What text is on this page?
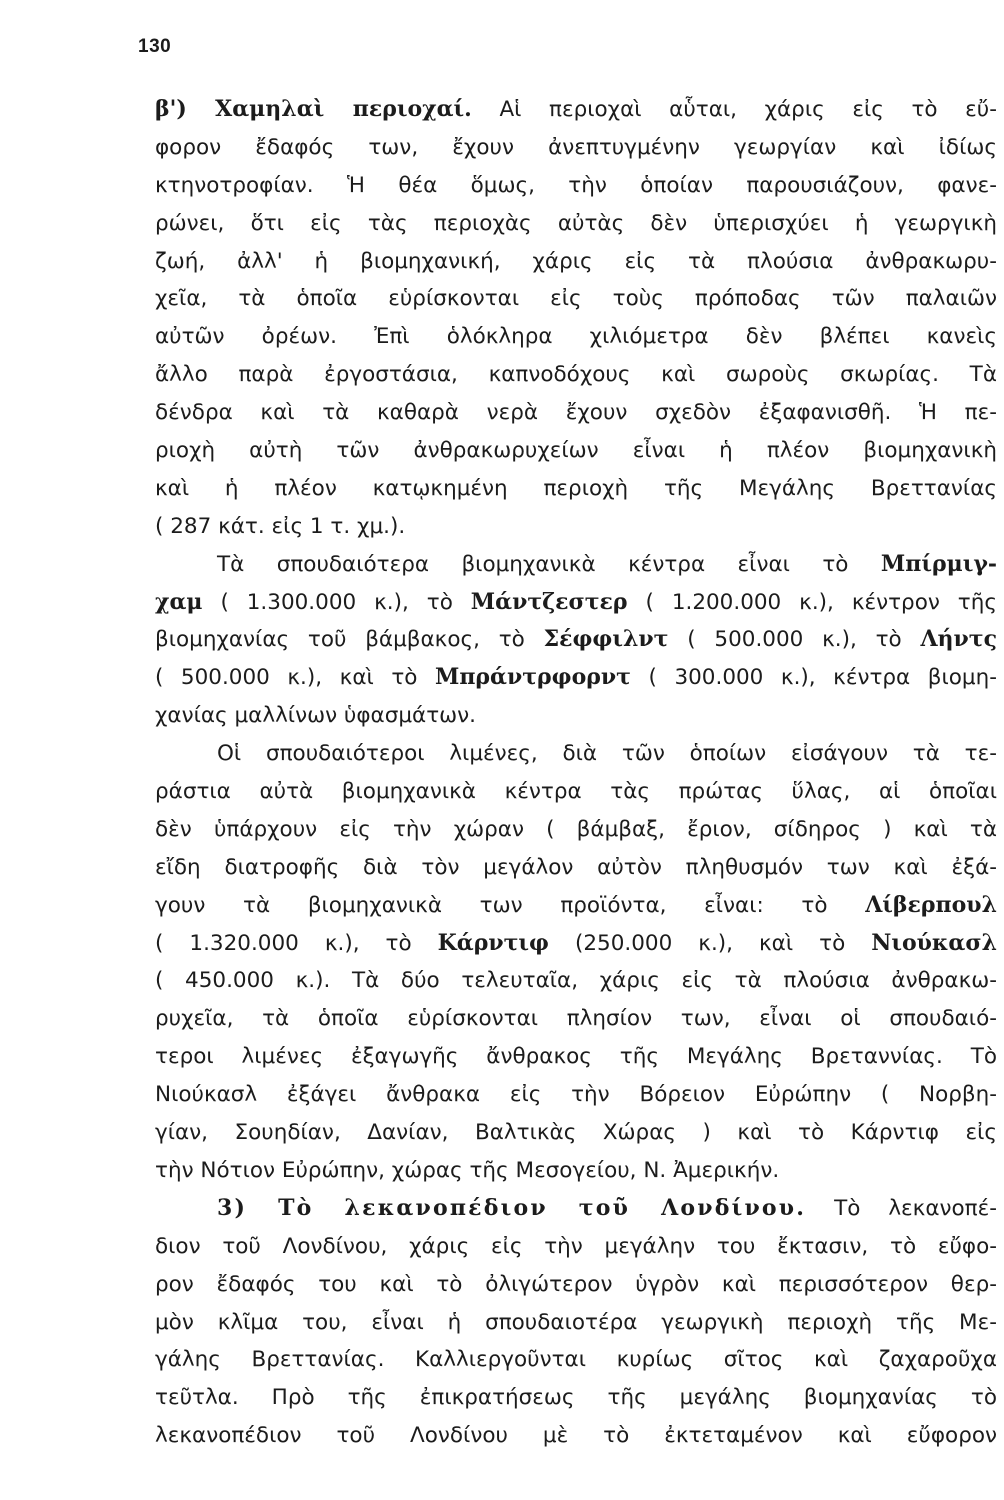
130
β') Χαμηλαὶ περιοχαί. Αἱ περιοχαὶ αὗται, χάρις εἰς τὸ εὔ-
φορον ἔδαφός των, ἔχουν ἀνεπτυγμένην γεωργίαν καὶ ἰδίως
κτηνοτροφίαν. Ἡ θέα ὅμως, τὴν ὁποίαν παρουσιάζουν, φανε-
ρώνει, ὅτι εἰς τὰς περιοχὰς αὐτὰς δὲν ὑπερισχύει ἡ γεωργικὴ
ζωή, ἀλλ' ἡ βιομηχανική, χάρις εἰς τὰ πλούσια ἀνθρακωρυ-
χεῖα, τὰ ὁποῖα εὑρίσκονται εἰς τοὺς πρόποδας τῶν παλαιῶν
αὐτῶν ὀρέων. Ἐπὶ ὁλόκληρα χιλιόμετρα δὲν βλέπει κανεὶς
ἄλλο παρὰ ἐργοστάσια, καπνοδόχους καὶ σωροὺς σκωρίας. Τὰ
δένδρα καὶ τὰ καθαρὰ νερὰ ἔχουν σχεδὸν ἐξαφανισθῆ. Ἡ πε-
ριοχὴ αὐτὴ τῶν ἀνθρακωρυχείων εἶναι ἡ πλέον βιομηχανικὴ
καὶ ἡ πλέον κατῳκημένη περιοχὴ τῆς Μεγάλης Βρεττανίας
( 287 κάτ. εἰς 1 τ. χμ.).
Τὰ σπουδαιότερα βιομηχανικὰ κέντρα εἶναι τὸ Μπίρμιγ-
χαμ ( 1.300.000 κ.), τὸ Μάντζεστερ ( 1.200.000 κ.), κέντρον τῆς
βιομηχανίας τοῦ βάμβακος, τὸ Σέφφιλντ ( 500.000 κ.), τὸ Λήντς
( 500.000 κ.), καὶ τὸ Μπράντρφορντ ( 300.000 κ.), κέντρα βιομη-
χανίας μαλλίνων ὑφασμάτων.
Οἱ σπουδαιότεροι λιμένες, διὰ τῶν ὁποίων εἰσάγουν τὰ τε-
ράστια αὐτὰ βιομηχανικὰ κέντρα τὰς πρώτας ὕλας, αἱ ὁποῖαι
δὲν ὑπάρχουν εἰς τὴν χώραν ( βάμβαξ, ἔριον, σίδηρος ) καὶ τὰ
εἴδη διατροφῆς διὰ τὸν μεγάλον αὐτὸν πληθυσμόν των καὶ ἐξά-
γουν τὰ βιομηχανικὰ των προϊόντα, εἶναι: τὸ Λίβερπουλ
( 1.320.000 κ.), τὸ Κάρντιφ (250.000 κ.), καὶ τὸ Νιούκασλ
( 450.000 κ.). Τὰ δύο τελευταῖα, χάρις εἰς τὰ πλούσια ἀνθρακω-
ρυχεῖα, τὰ ὁποῖα εὑρίσκονται πλησίον των, εἶναι οἱ σπουδαιό-
τεροι λιμένες ἐξαγωγῆς ἄνθρακος τῆς Μεγάλης Βρεταννίας. Τὸ
Νιούκασλ ἐξάγει ἄνθρακα εἰς τὴν Βόρειον Εὐρώπην ( Νορβη-
γίαν, Σουηδίαν, Δανίαν, Βαλτικὰς Χώρας ) καὶ τὸ Κάρντιφ εἰς
τὴν Νότιον Εὐρώπην, χώρας τῆς Μεσογείου, Ν. Ἀμερικήν.
3) Τὸ λεκανοπέδιον τοῦ Λονδίνου. Τὸ λεκανοπέ-
διον τοῦ Λονδίνου, χάρις εἰς τὴν μεγάλην του ἔκτασιν, τὸ εὔφο-
ρον ἔδαφός του καὶ τὸ ὀλιγώτερον ὑγρὸν καὶ περισσότερον θερ-
μὸν κλῖμα του, εἶναι ἡ σπουδαιοτέρα γεωργικὴ περιοχὴ τῆς Με-
γάλης Βρεττανίας. Καλλιεργοῦνται κυρίως σῖτος καὶ ζαχαροῦχα
τεῦτλα. Πρὸ τῆς ἐπικρατήσεως τῆς μεγάλης βιομηχανίας τὸ
λεκανοπέδιον τοῦ Λονδίνου μὲ τὸ ἐκτεταμένον καὶ εὔφορον
